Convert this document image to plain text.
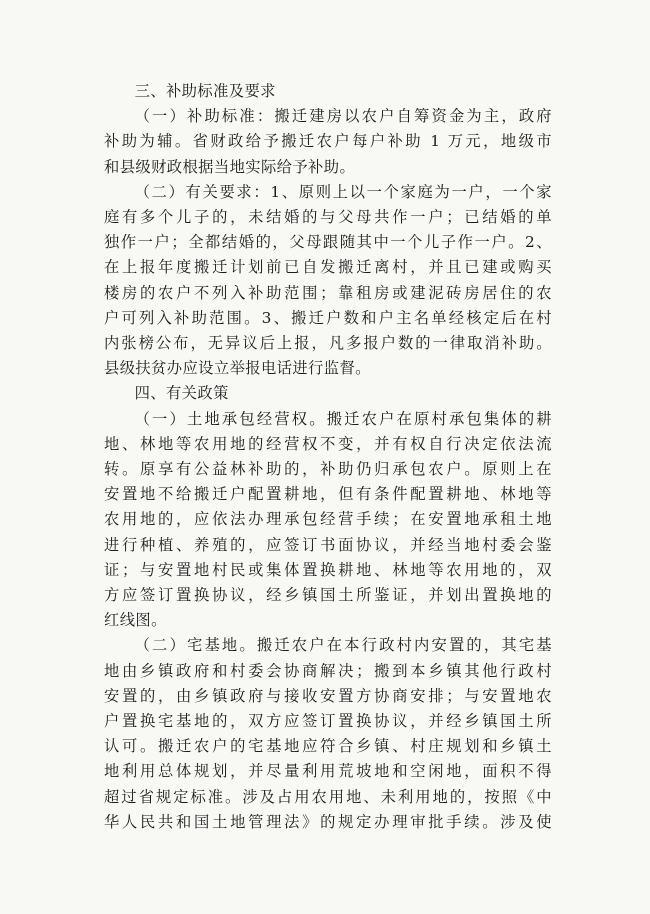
三、补助标准及要求

（一）补助标准：搬迁建房以农户自筹资金为主，政府

补助为辅。省财政给予搬迁农户每户补助 1 万元，地级市

和县级财政根据当地实际给予补助。

（二）有关要求：1、原则上以一个家庭为一户，一个家

庭有多个儿子的，未结婚的与父母共作一户；已结婚的单

独作一户；全都结婚的，父母跟随其中一个儿子作一户。2、

在上报年度搬迁计划前已自发搬迁离村，并且已建或购买

楼房的农户不列入补助范围；靠租房或建泥砖房居住的农

户可列入补助范围。3、搬迁户数和户主名单经核定后在村

内张榜公布，无异议后上报，凡多报户数的一律取消补助。

县级扶贫办应设立举报电话进行监督。

四、有关政策

（一）土地承包经营权。搬迁农户在原村承包集体的耕

地、林地等农用地的经营权不变，并有权自行决定依法流

转。原享有公益林补助的，补助仍归承包农户。原则上在

安置地不给搬迁户配置耕地，但有条件配置耕地、林地等

农用地的，应依法办理承包经营手续；在安置地承租土地

进行种植、养殖的，应签订书面协议，并经当地村委会鉴

证；与安置地村民或集体置换耕地、林地等农用地的，双

方应签订置换协议，经乡镇国土所鉴证，并划出置换地的

红线图。

（二）宅基地。搬迁农户在本行政村内安置的，其宅基

地由乡镇政府和村委会协商解决；搬到本乡镇其他行政村

安置的，由乡镇政府与接收安置方协商安排；与安置地农

户置换宅基地的，双方应签订置换协议，并经乡镇国土所

认可。搬迁农户的宅基地应符合乡镇、村庄规划和乡镇土

地利用总体规划，并尽量利用荒坡地和空闲地，面积不得

超过省规定标准。涉及占用农用地、未利用地的，按照《中

华人民共和国土地管理法》的规定办理审批手续。涉及使
